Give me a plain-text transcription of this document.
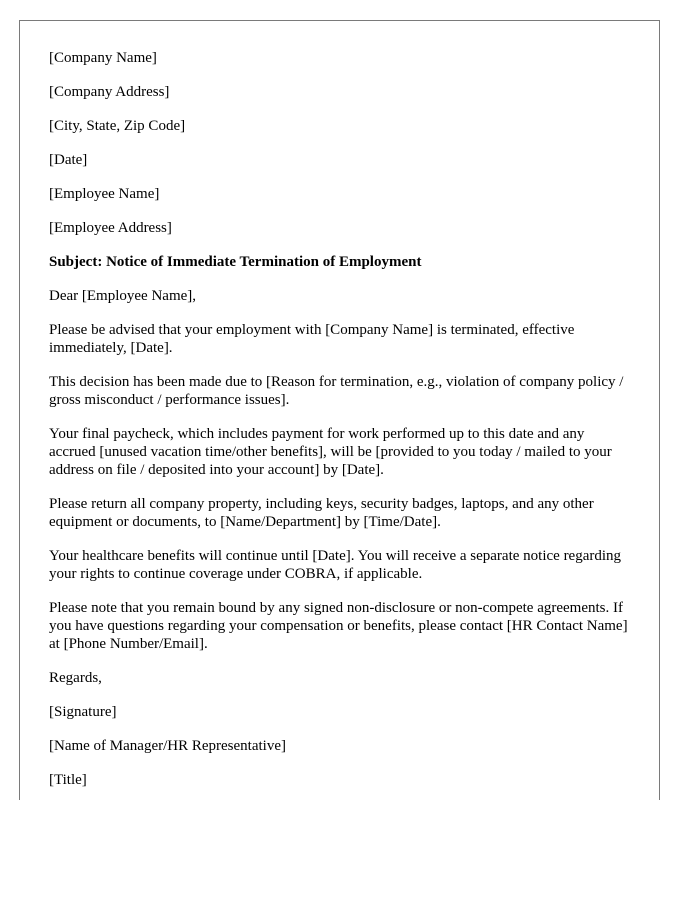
[Company Name]

[Company Address]

[City, State, Zip Code]

[Date]

[Employee Name]

[Employee Address]

Subject: Notice of Immediate Termination of Employment

Dear [Employee Name],

Please be advised that your employment with [Company Name] is terminated, effective immediately, [Date].

This decision has been made due to [Reason for termination, e.g., violation of company policy / gross misconduct / performance issues].

Your final paycheck, which includes payment for work performed up to this date and any accrued [unused vacation time/other benefits], will be [provided to you today / mailed to your address on file / deposited into your account] by [Date].

Please return all company property, including keys, security badges, laptops, and any other equipment or documents, to [Name/Department] by [Time/Date].

Your healthcare benefits will continue until [Date]. You will receive a separate notice regarding your rights to continue coverage under COBRA, if applicable.

Please note that you remain bound by any signed non-disclosure or non-compete agreements. If you have questions regarding your compensation or benefits, please contact [HR Contact Name] at [Phone Number/Email].

Regards,

[Signature]

[Name of Manager/HR Representative]

[Title]
